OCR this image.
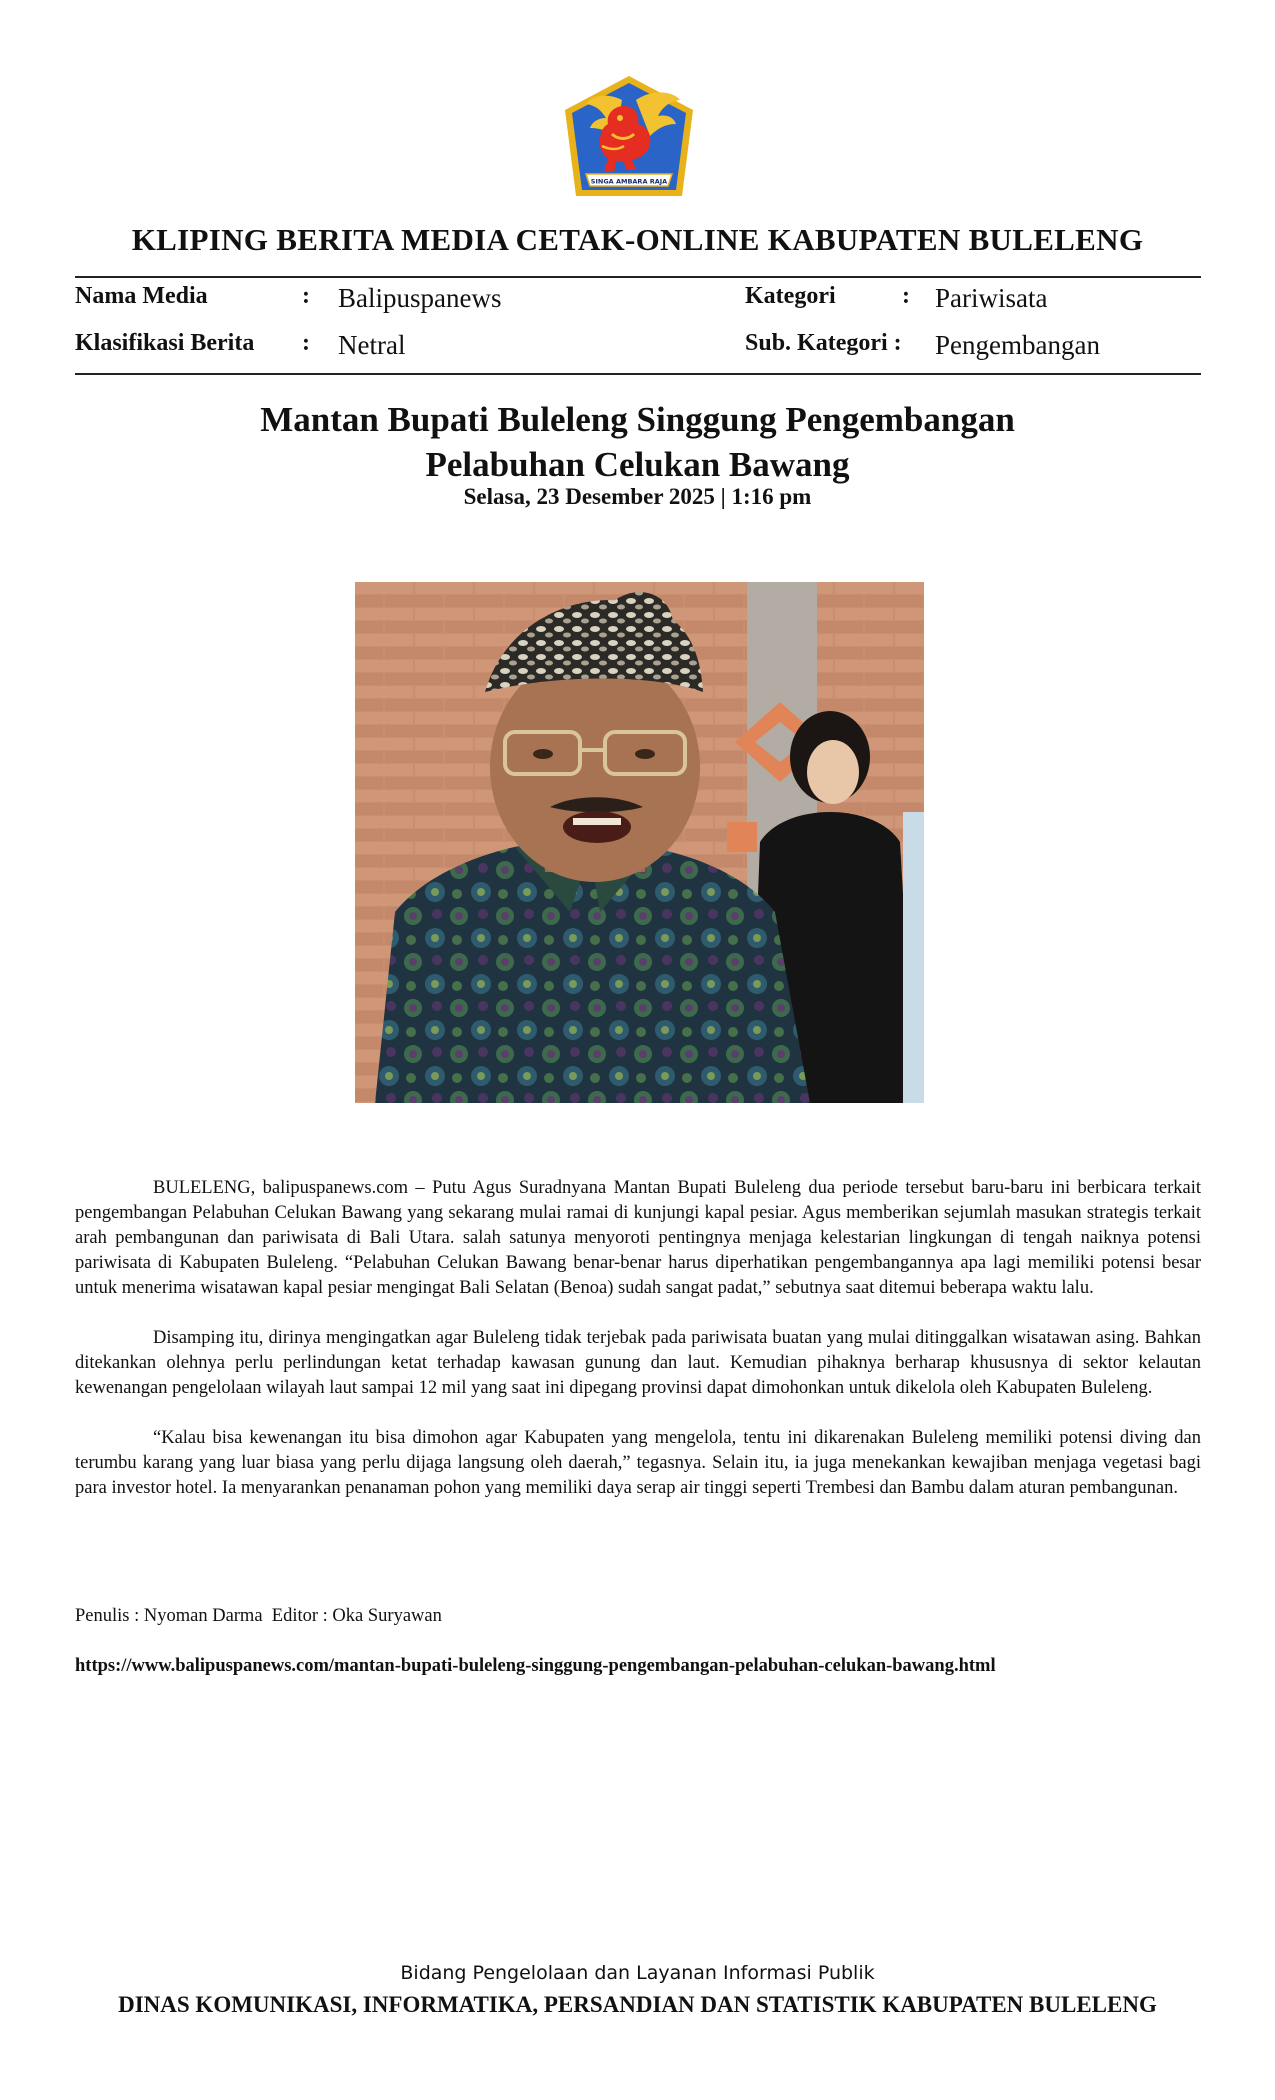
SINGA AMBARA RAJA
KLIPING BERITA MEDIA CETAK-ONLINE KABUPATEN BULELENG
Nama Media	: Balipuspanews
Klasifikasi Berita : Netral
Kategori	: Pariwisata
Sub. Kategori : Pengembangan
Mantan Bupati Buleleng Singgung Pengembangan
Pelabuhan Celukan Bawang
Selasa, 23 Desember 2025 | 1:16 pm

BULELENG, balipuspanews.com – Putu Agus Suradnyana Mantan Bupati Buleleng dua periode tersebut baru-baru ini berbicara terkait pengembangan Pelabuhan Celukan Bawang yang sekarang mulai ramai di kunjungi kapal pesiar. Agus memberikan sejumlah masukan strategis terkait arah pembangunan dan pariwisata di Bali Utara. salah satunya menyoroti pentingnya menjaga kelestarian lingkungan di tengah naiknya potensi pariwisata di Kabupaten Buleleng. “Pelabuhan Celukan Bawang benar-benar harus diperhatikan pengembangannya apa lagi memiliki potensi besar untuk menerima wisatawan kapal pesiar mengingat Bali Selatan (Benoa) sudah sangat padat,” sebutnya saat ditemui beberapa waktu lalu.

Disamping itu, dirinya mengingatkan agar Buleleng tidak terjebak pada pariwisata buatan yang mulai ditinggalkan wisatawan asing. Bahkan ditekankan olehnya perlu perlindungan ketat terhadap kawasan gunung dan laut. Kemudian pihaknya berharap khususnya di sektor kelautan kewenangan pengelolaan wilayah laut sampai 12 mil yang saat ini dipegang provinsi dapat dimohonkan untuk dikelola oleh Kabupaten Buleleng.

“Kalau bisa kewenangan itu bisa dimohon agar Kabupaten yang mengelola, tentu ini dikarenakan Buleleng memiliki potensi diving dan terumbu karang yang luar biasa yang perlu dijaga langsung oleh daerah,” tegasnya. Selain itu, ia juga menekankan kewajiban menjaga vegetasi bagi para investor hotel. Ia menyarankan penanaman pohon yang memiliki daya serap air tinggi seperti Trembesi dan Bambu dalam aturan pembangunan.

Penulis : Nyoman Darma  Editor : Oka Suryawan
https://www.balipuspanews.com/mantan-bupati-buleleng-singgung-pengembangan-pelabuhan-celukan-bawang.html
Bidang Pengelolaan dan Layanan Informasi Publik
DINAS KOMUNIKASI, INFORMATIKA, PERSANDIAN DAN STATISTIK KABUPATEN BULELENG
